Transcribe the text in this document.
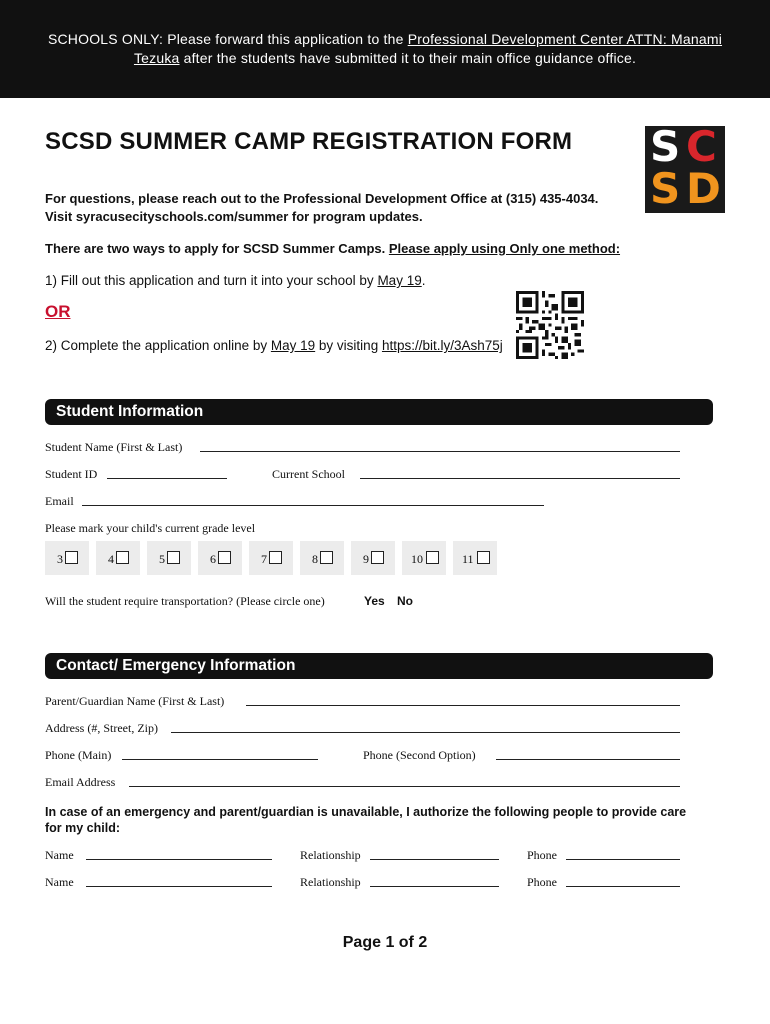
SCHOOLS ONLY: Please forward this application to the Professional Development Center ATTN: Manami
Tezuka after the students have submitted it to their main office guidance office.
SCSD SUMMER CAMP REGISTRATION FORM S C
S D
For questions, please reach out to the Professional Development Office at (315) 435-4034.
Visit syracusecityschools.com/summer for program updates.
There are two ways to apply for SCSD Summer Camps. Please apply using Only one method:
1) Fill out this application and turn it into your school by May 19.
OR
2) Complete the application online by May 19 by visiting https://bit.ly/3Ash75j
Student Information
Student Name (First & Last)
Student ID	Current School
Email
Please mark your child's current grade level
3	4	5	6	7	8	9	10	11
Will the student require transportation? (Please circle one)	Yes No
Contact/ Emergency Information
Parent/Guardian Name (First & Last)
Address (#, Street, Zip)
Phone (Main)	Phone (Second Option)
Email Address
In case of an emergency and parent/guardian is unavailable, I authorize the following people to provide care for my child:
Name	Relationship	Phone
Name	Relationship	Phone
Page 1 of 2
